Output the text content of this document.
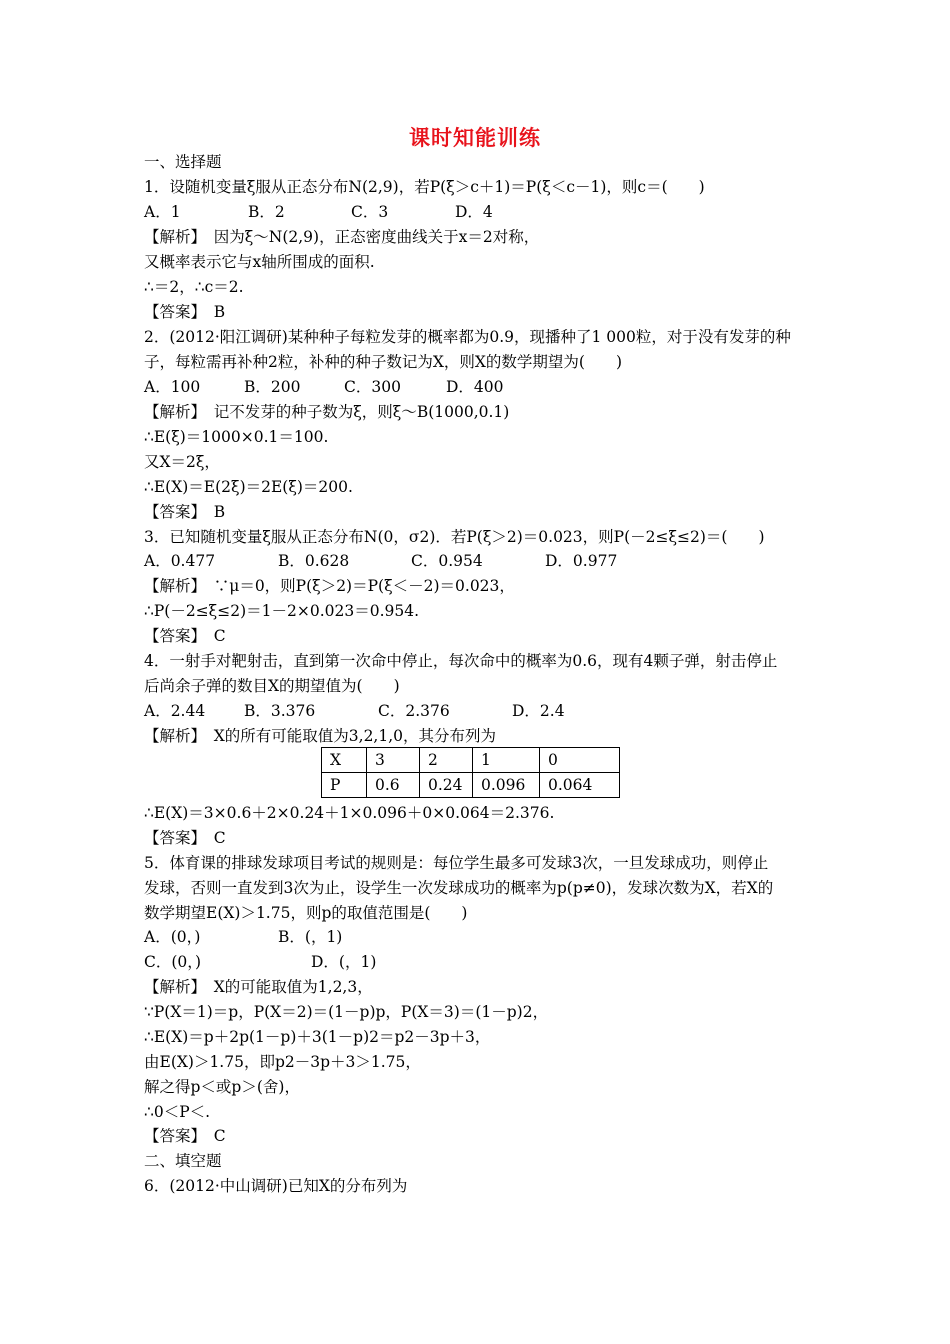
课时知能训练
一、选择题
1．设随机变量ξ服从正态分布N(2,9)，若P(ξ＞c＋1)＝P(ξ＜c－1)，则c＝(　　)
【解析】　因为ξ～N(2,9)，正态密度曲线关于x＝2对称，
又概率表示它与x轴所围成的面积.
∴＝2，∴c＝2.
【答案】　B
2．(2012·阳江调研)某种种子每粒发芽的概率都为0.9，现播种了1 000粒，对于没有发芽的种
子，每粒需再补种2粒，补种的种子数记为X，则X的数学期望为(　　)
【解析】　记不发芽的种子数为ξ，则ξ～B(1000,0.1)
∴E(ξ)＝1000×0.1＝100.
又X＝2ξ，
∴E(X)＝E(2ξ)＝2E(ξ)＝200.
【答案】　B
3．已知随机变量ξ服从正态分布N(0，σ2)．若P(ξ＞2)＝0.023，则P(－2≤ξ≤2)＝(　　)
【解析】　∵μ＝0，则P(ξ＞2)＝P(ξ＜－2)＝0.023，
∴P(－2≤ξ≤2)＝1－2×0.023＝0.954.
【答案】　C
4．一射手对靶射击，直到第一次命中停止，每次命中的概率为0.6，现有4颗子弹，射击停止
后尚余子弹的数目X的期望值为(　　)
【解析】　X的所有可能取值为3,2,1,0，其分布列为
∴E(X)＝3×0.6＋2×0.24＋1×0.096＋0×0.064＝2.376.
【答案】　C
5．体育课的排球发球项目考试的规则是：每位学生最多可发球3次，一旦发球成功，则停止
发球，否则一直发到3次为止，设学生一次发球成功的概率为p(p≠0)，发球次数为X，若X的
数学期望E(X)＞1.75，则p的取值范围是(　　)
【解析】　X的可能取值为1,2,3，
∵P(X＝1)＝p，P(X＝2)＝(1－p)p，P(X＝3)＝(1－p)2，
∴E(X)＝p＋2p(1－p)＋3(1－p)2＝p2－3p＋3，
由E(X)＞1.75，即p2－3p＋3＞1.75，
解之得p＜或p＞(舍)，
∴0＜P＜.
【答案】　C
二、填空题
6．(2012·中山调研)已知X的分布列为
A．1	B．2	C．3	D．4
A．100	B．200	C．300	D．400
A．0.477	B．0.628	C．0.954	D．0.977
A．2.44	B．3.376	C．2.376	D．2.4
A．(0，)	B．(，1)
C．(0，)	D．(，1)
X	3	2	1	0
P	0.6	0.24	0.096	0.064
